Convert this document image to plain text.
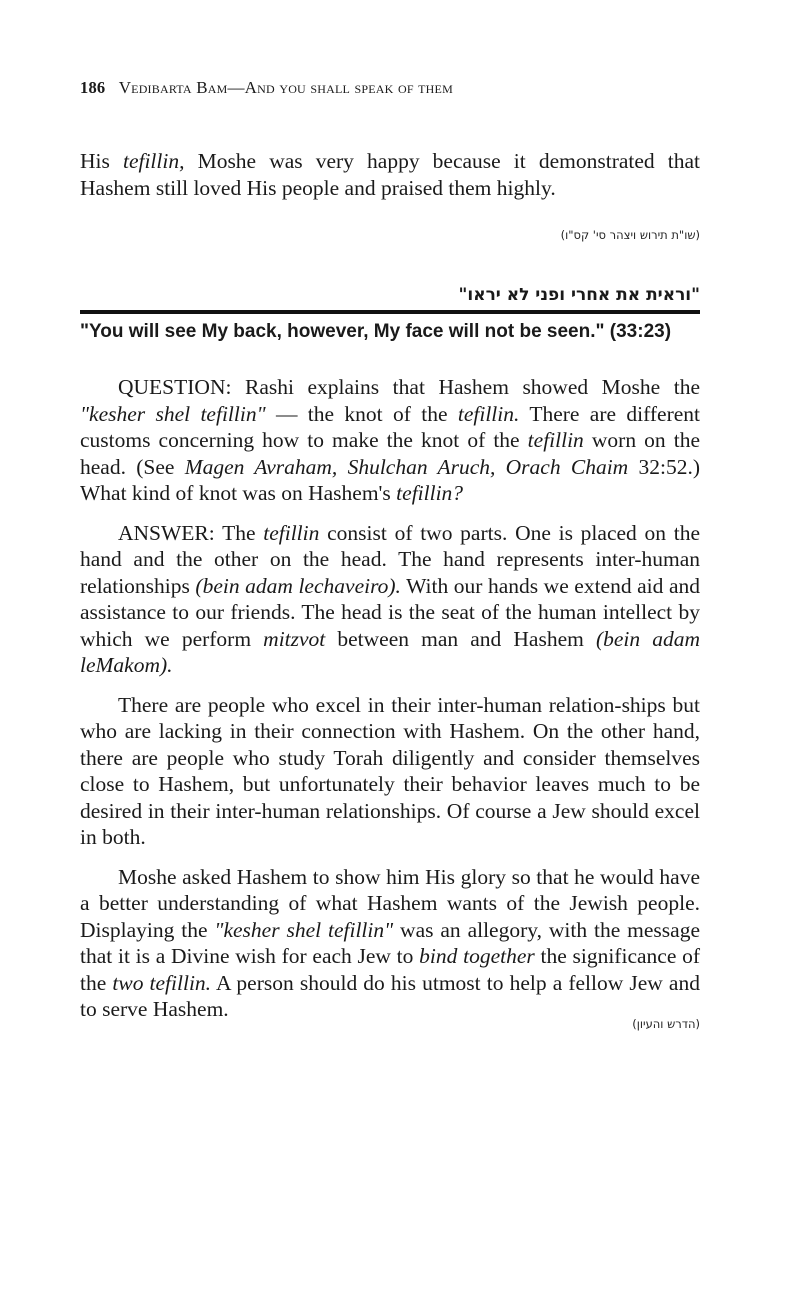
186 Vedibarta Bam—And you shall speak of them

His tefillin, Moshe was very happy because it demonstrated that Hashem still loved His people and praised them highly.

(שו"ת תירוש ויצהר סי' קס"ו)
"וראית את אחרי ופני לא יראו"
"You will see My back, however, My face will not be seen." (33:23)

QUESTION: Rashi explains that Hashem showed Moshe the "kesher shel tefillin" — the knot of the tefillin. There are different customs concerning how to make the knot of the tefillin worn on the head. (See Magen Avraham, Shulchan Aruch, Orach Chaim 32:52.) What kind of knot was on Hashem's tefillin?

ANSWER: The tefillin consist of two parts. One is placed on the hand and the other on the head. The hand represents inter-human relationships (bein adam lechaveiro). With our hands we extend aid and assistance to our friends. The head is the seat of the human intellect by which we perform mitzvot between man and Hashem (bein adam leMakom).

There are people who excel in their inter-human relation-ships but who are lacking in their connection with Hashem. On the other hand, there are people who study Torah diligently and consider themselves close to Hashem, but unfortunately their behavior leaves much to be desired in their inter-human relationships. Of course a Jew should excel in both.

Moshe asked Hashem to show him His glory so that he would have a better understanding of what Hashem wants of the Jewish people. Displaying the "kesher shel tefillin" was an allegory, with the message that it is a Divine wish for each Jew to bind together the significance of the two tefillin. A person should do his utmost to help a fellow Jew and to serve Hashem.

(הדרש והעיון)
